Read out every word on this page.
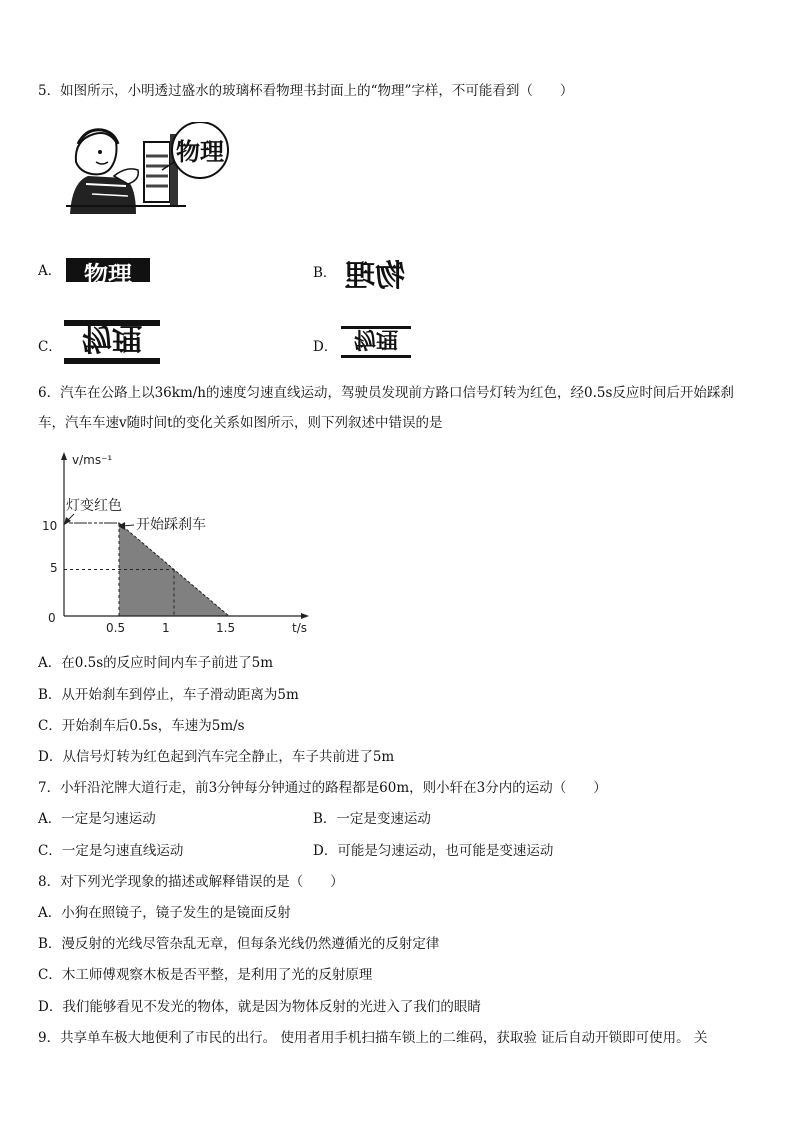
5．如图所示，小明透过盛水的玻璃杯看物理书封面上的“物理”字样，不可能看到（　　）
物理
A． 物理	B． 物理
C． 物理	D． 物理
6．汽车在公路上以36km/h的速度匀速直线运动，驾驶员发现前方路口信号灯转为红色，经0.5s反应时间后开始踩刹
车，汽车车速v随时间t的变化关系如图所示，则下列叙述中错误的是
v/ms⁻¹
t/s
0
5
10
0.5	1	1.5
灯变红色
开始踩刹车
A．在0.5s的反应时间内车子前进了5m
B．从开始刹车到停止，车子滑动距离为5m
C．开始刹车后0.5s，车速为5m/s
D．从信号灯转为红色起到汽车完全静止，车子共前进了5m
7．小轩沿沱牌大道行走，前3分钟每分钟通过的路程都是60m，则小轩在3分内的运动（　　）
A．一定是匀速运动	B．一定是变速运动
C．一定是匀速直线运动	D．可能是匀速运动，也可能是变速运动
8．对下列光学现象的描述或解释错误的是（　　）
A．小狗在照镜子，镜子发生的是镜面反射
B．漫反射的光线尽管杂乱无章，但每条光线仍然遵循光的反射定律
C．木工师傅观察木板是否平整，是利用了光的反射原理
D．我们能够看见不发光的物体，就是因为物体反射的光进入了我们的眼睛
9．共享单车极大地便利了市民的出行。 使用者用手机扫描车锁上的二维码，获取验 证后自动开锁即可使用。 关
